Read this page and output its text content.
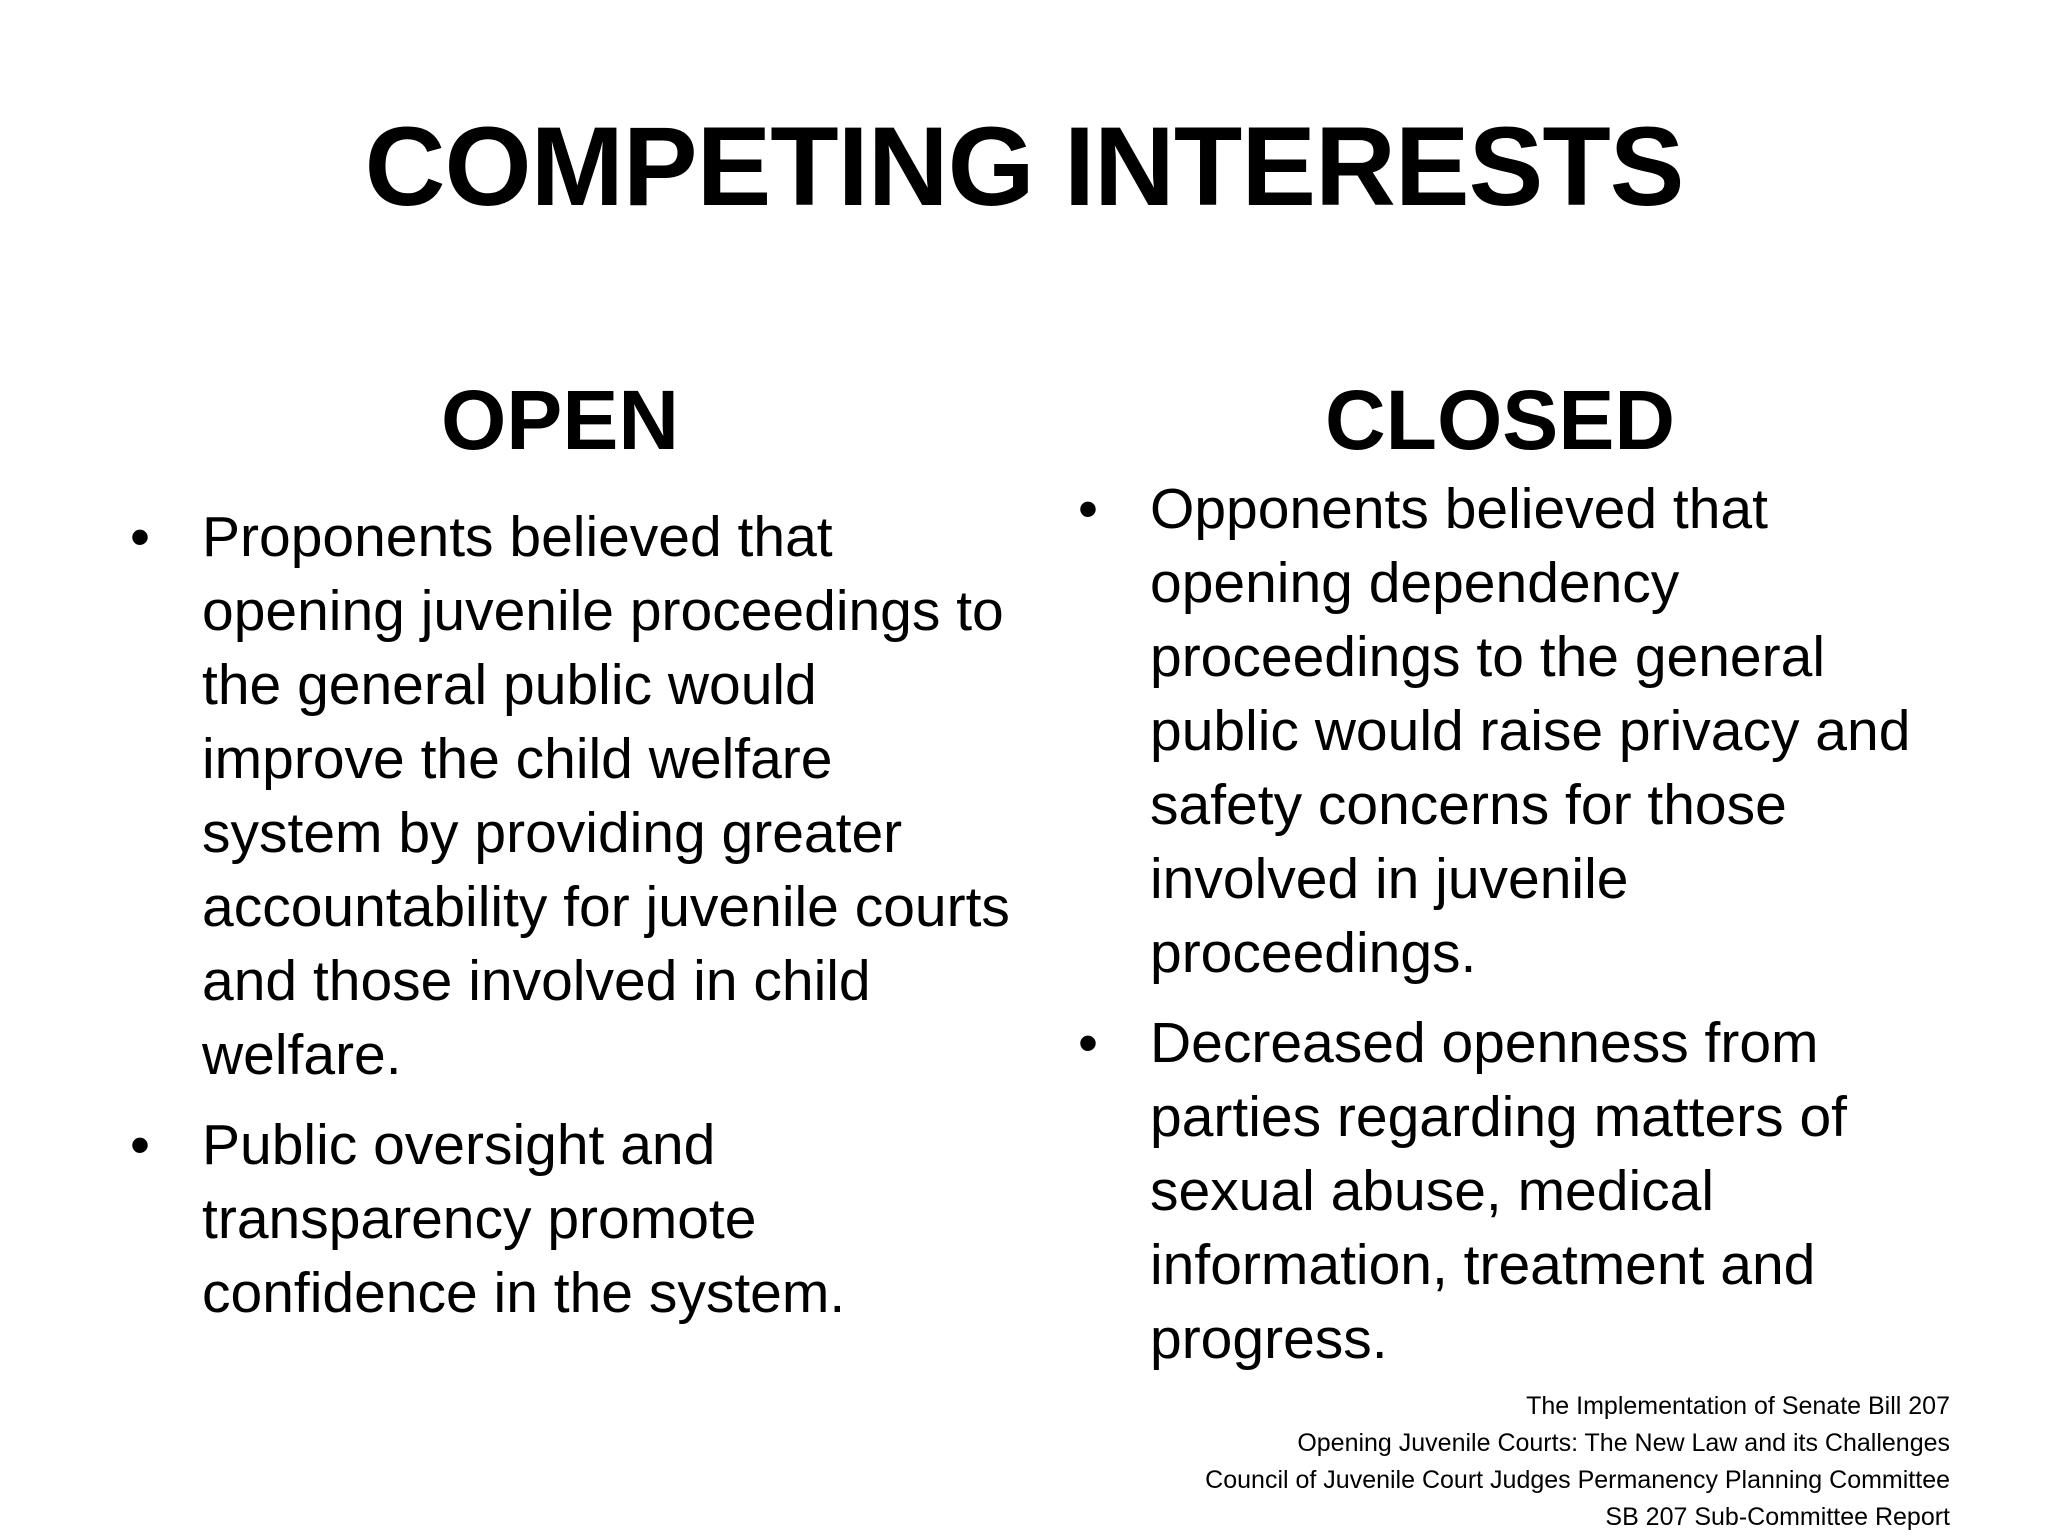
COMPETING INTERESTS
OPEN	CLOSED
• Proponents believed that opening juvenile proceedings to the general public would improve the child welfare system by providing greater accountability for juvenile courts and those involved in child welfare.
• Public oversight and transparency promote confidence in the system.
• Opponents believed that opening dependency proceedings to the general public would raise privacy and safety concerns for those involved in juvenile proceedings.
• Decreased openness from parties regarding matters of sexual abuse, medical information, treatment and progress.
The Implementation of Senate Bill 207
Opening Juvenile Courts: The New Law and its Challenges
Council of Juvenile Court Judges Permanency Planning Committee
SB 207 Sub-Committee Report
